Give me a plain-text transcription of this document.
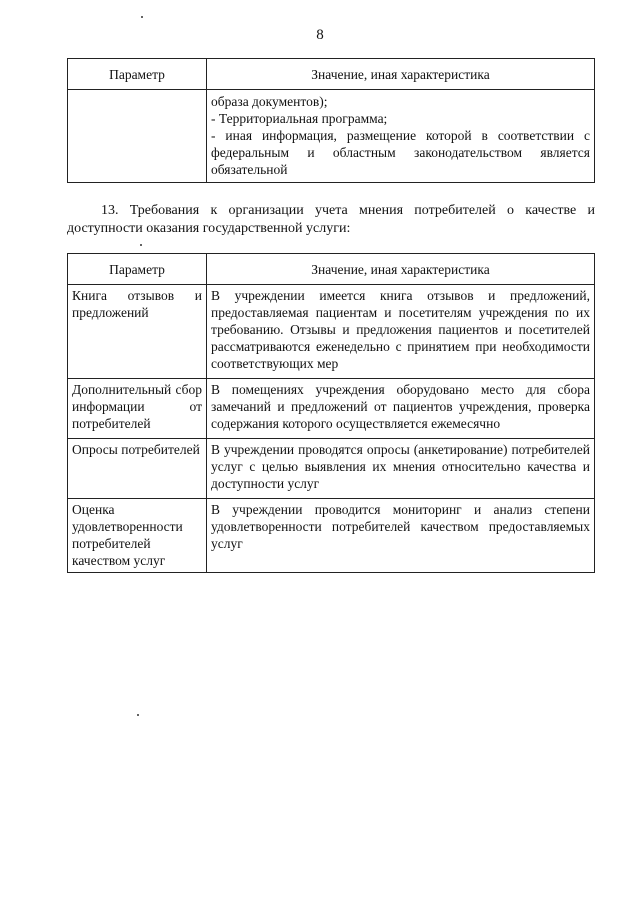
8
Параметр	Значение, иная характеристика

	образа документов);
- Территориальная программа;
- иная информация, размещение которой в соответствии с федеральным и областным законодательством является обязательной
13. Требования к организации учета мнения потребителей о качестве и доступности оказания государственной услуги:
Параметр	Значение, иная характеристика
Книга отзывов и предложений	В учреждении имеется книга отзывов и предложений, предоставляемая пациентам и посетителям учреждения по их требованию. Отзывы и предложения пациентов и посетителей рассматриваются еженедельно с принятием при необходимости соответствующих мер
Дополнительный сбор информации от потребителей	В помещениях учреждения оборудовано место для сбора замечаний и предложений от пациентов учреждения, проверка содержания которого осуществляется ежемесячно
Опросы потребителей	В учреждении проводятся опросы (анкетирование) потребителей услуг с целью выявления их мнения относительно качества и доступности услуг
Оценка удовлетворенности потребителей качеством услуг	В учреждении проводится мониторинг и анализ степени удовлетворенности потребителей качеством предоставляемых услуг
